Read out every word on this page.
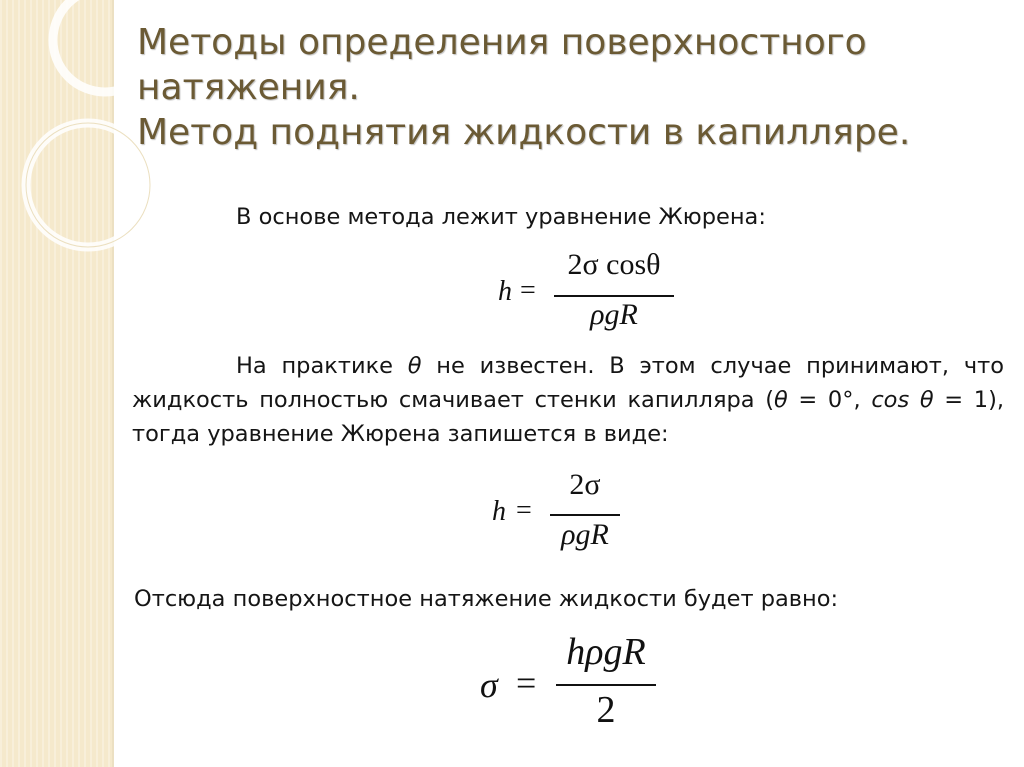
Методы определения поверхностного
натяжения.
Метод поднятия жидкости в капилляре.

В основе метода лежит уравнение Жюрена:

h =
2σ cosθ
ρgR

На практике θ не известен. В этом случае принимают, что жидкость полностью смачивает стенки капилляра (θ = 0°, cos θ = 1), тогда уравнение Жюрена запишется в виде:

h =
2σ
ρgR

Отсюда поверхностное натяжение жидкости будет равно:

σ =
hρgR
2
